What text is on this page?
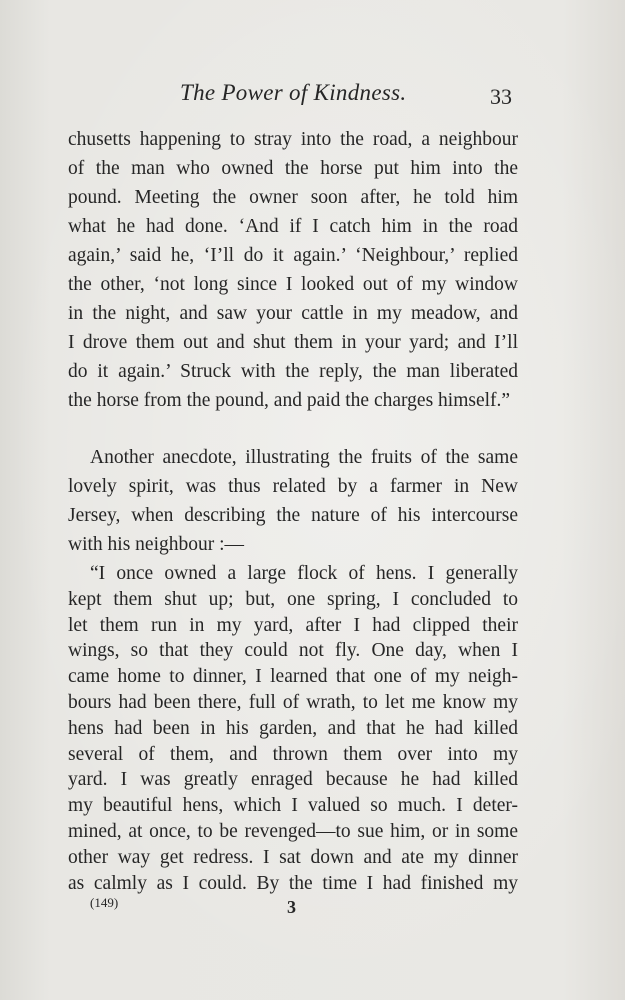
The Power of Kindness.	33
chusetts happening to stray into the road, a neighbour
of the man who owned the horse put him into the
pound. Meeting the owner soon after, he told him
what he had done. ‘And if I catch him in the road
again,’ said he, ‘I’ll do it again.’ ‘Neighbour,’ replied
the other, ‘not long since I looked out of my window
in the night, and saw your cattle in my meadow, and
I drove them out and shut them in your yard; and I’ll
do it again.’ Struck with the reply, the man liberated
the horse from the pound, and paid the charges himself.”
Another anecdote, illustrating the fruits of the same
lovely spirit, was thus related by a farmer in New
Jersey, when describing the nature of his intercourse
with his neighbour :—
“I once owned a large flock of hens. I generally
kept them shut up; but, one spring, I concluded to
let them run in my yard, after I had clipped their
wings, so that they could not fly. One day, when I
came home to dinner, I learned that one of my neigh-
bours had been there, full of wrath, to let me know my
hens had been in his garden, and that he had killed
several of them, and thrown them over into my
yard. I was greatly enraged because he had killed
my beautiful hens, which I valued so much. I deter-
mined, at once, to be revenged—to sue him, or in some
(149)	3
other way get redress. I sat down and ate my dinner
as calmly as I could. By the time I had finished my
